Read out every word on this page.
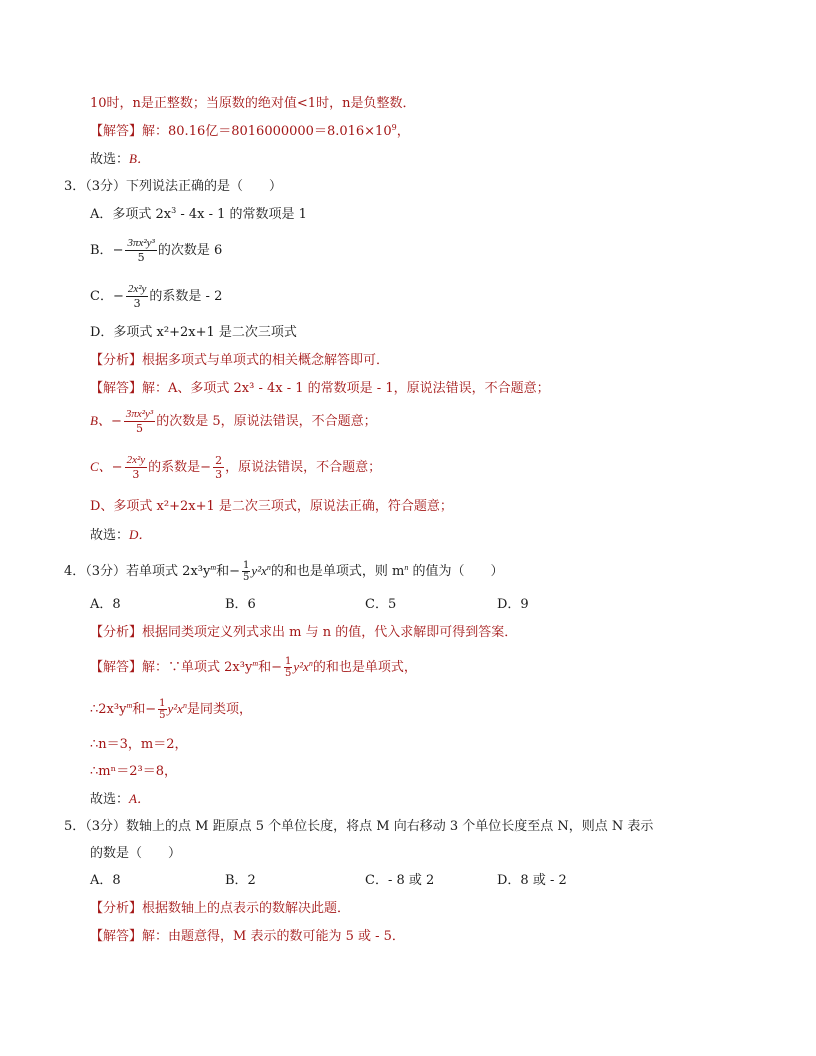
10时，n是正整数；当原数的绝对值<1时，n是负整数．
【解答】解：80.16亿$=8016000000=8.016\times 10^9$，
故选：B．
3．（3分）下列说法正确的是（　　）
A．多项式 $2x^3 - 4x - 1$ 的常数项是 1
B．− $\frac{\text{3πx²y³}}{5}$ 的次数是 6
C．− $\frac{\text{2x²y}}{3}$ 的系数是 - 2
D．多项式 x²+2x+1 是二次三项式
【分析】根据多项式与单项式的相关概念解答即可．
【解答】解：A、多项式 2x³ - 4x - 1 的常数项是 - 1，原说法错误，不合题意；
B、− $\frac{\text{3πx²y³}}{5}$ 的次数是 5，原说法错误，不合题意；
C、− $\frac{\text{2x²y}}{3}$ 的系数是− $\frac{2}{3}$ ，原说法错误，不合题意；
D、多项式 x²+2x+1 是二次三项式，原说法正确，符合题意；
故选：D．
4．（3分）若单项式 $2x^3y^m$和− $\frac{1}{5} y^2x^n$的和也是单项式，则 $m^n$ 的值为（　　）
A．8	B．6	C．5	D．9
【分析】根据同类项定义列式求出 m 与 n 的值，代入求解即可得到答案．
【解答】解：∵单项式 $2x^3y^m$和− $\frac{1}{5} y^2x^n$的和也是单项式，
$\therefore 2x^3y^m$和− $\frac{1}{5} y^2x^n$是同类项，
∴n＝3，m＝2，
∴mⁿ＝2³＝8，
故选：A．
5．（3分）数轴上的点 M 距原点 5 个单位长度，将点 M 向右移动 3 个单位长度至点 N，则点 N 表示
的数是（　　）
A．8	B．2	C．- 8 或 2	D．8 或 - 2
【分析】根据数轴上的点表示的数解决此题．
【解答】解：由题意得，M 表示的数可能为 5 或 - 5．
